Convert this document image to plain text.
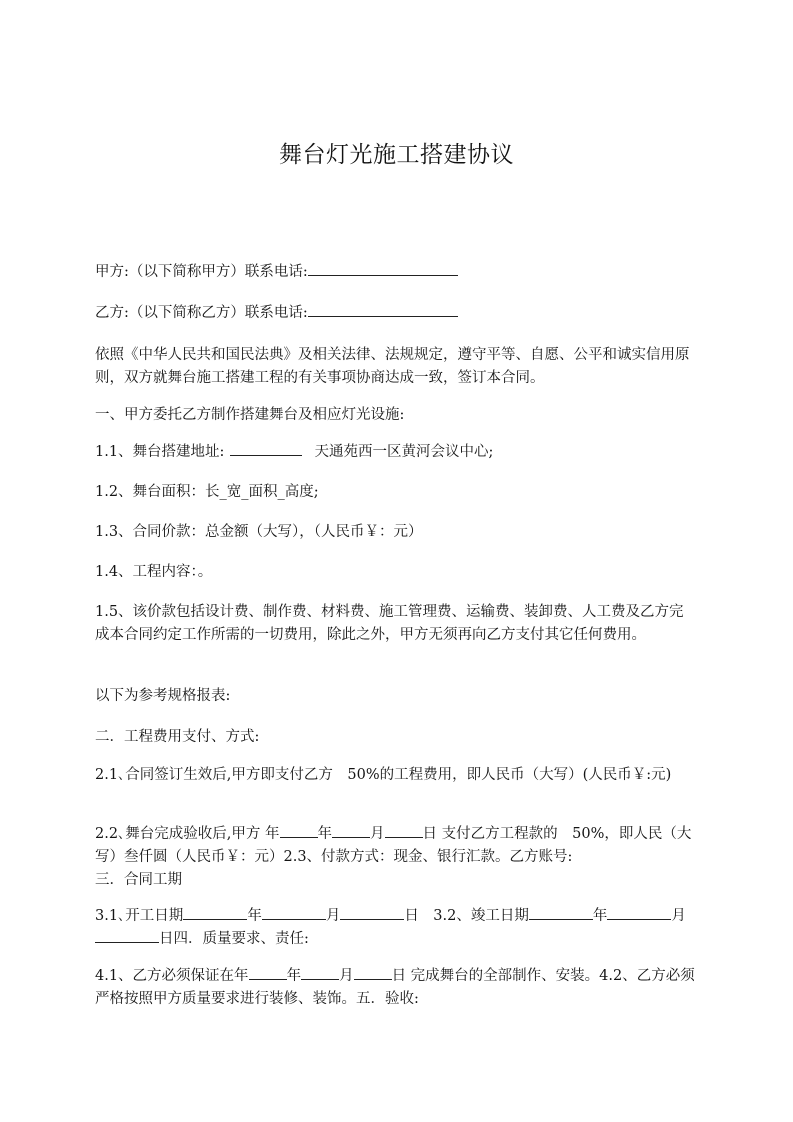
舞台灯光施工搭建协议
甲方:（以下简称甲方）联系电话:
乙方:（以下简称乙方）联系电话:
依照《中华人民共和国民法典》及相关法律、法规规定，遵守平等、自愿、公平和诚实信用原则，双方就舞台施工搭建工程的有关事项协商达成一致，签订本合同。
一、甲方委托乙方制作搭建舞台及相应灯光设施:
1.1、舞台搭建地址:	天通苑西一区黄河会议中心;
1.2、舞台面积：长_宽_面积_高度;
1.3、合同价款：总金额（大写），（人民币￥：元）
1.4、工程内容：。
1.5、该价款包括设计费、制作费、材料费、施工管理费、运输费、装卸费、人工费及乙方完成本合同约定工作所需的一切费用，除此之外，甲方无须再向乙方支付其它任何费用。
以下为参考规格报表:
二．工程费用支付、方式:
2.1､合同签订生效后,甲方即支付乙方　50%的工程费用，即人民币（大写）(人民币￥:元)
2.2､舞台完成验收后,甲方 年	年	月	日 支付乙方工程款的　50%，即人民（大写）叁仟圆（人民币￥：元）2.3、付款方式：现金、银行汇款。乙方账号:
三．合同工期
3.1､开工日期	年	月	日　3.2、竣工日期	年	月日四．质量要求、责任:
4.1、乙方必须保证在年	年	月	日 完成舞台的全部制作、安装。4.2、乙方必须严格按照甲方质量要求进行装修、装饰。五．验收:
